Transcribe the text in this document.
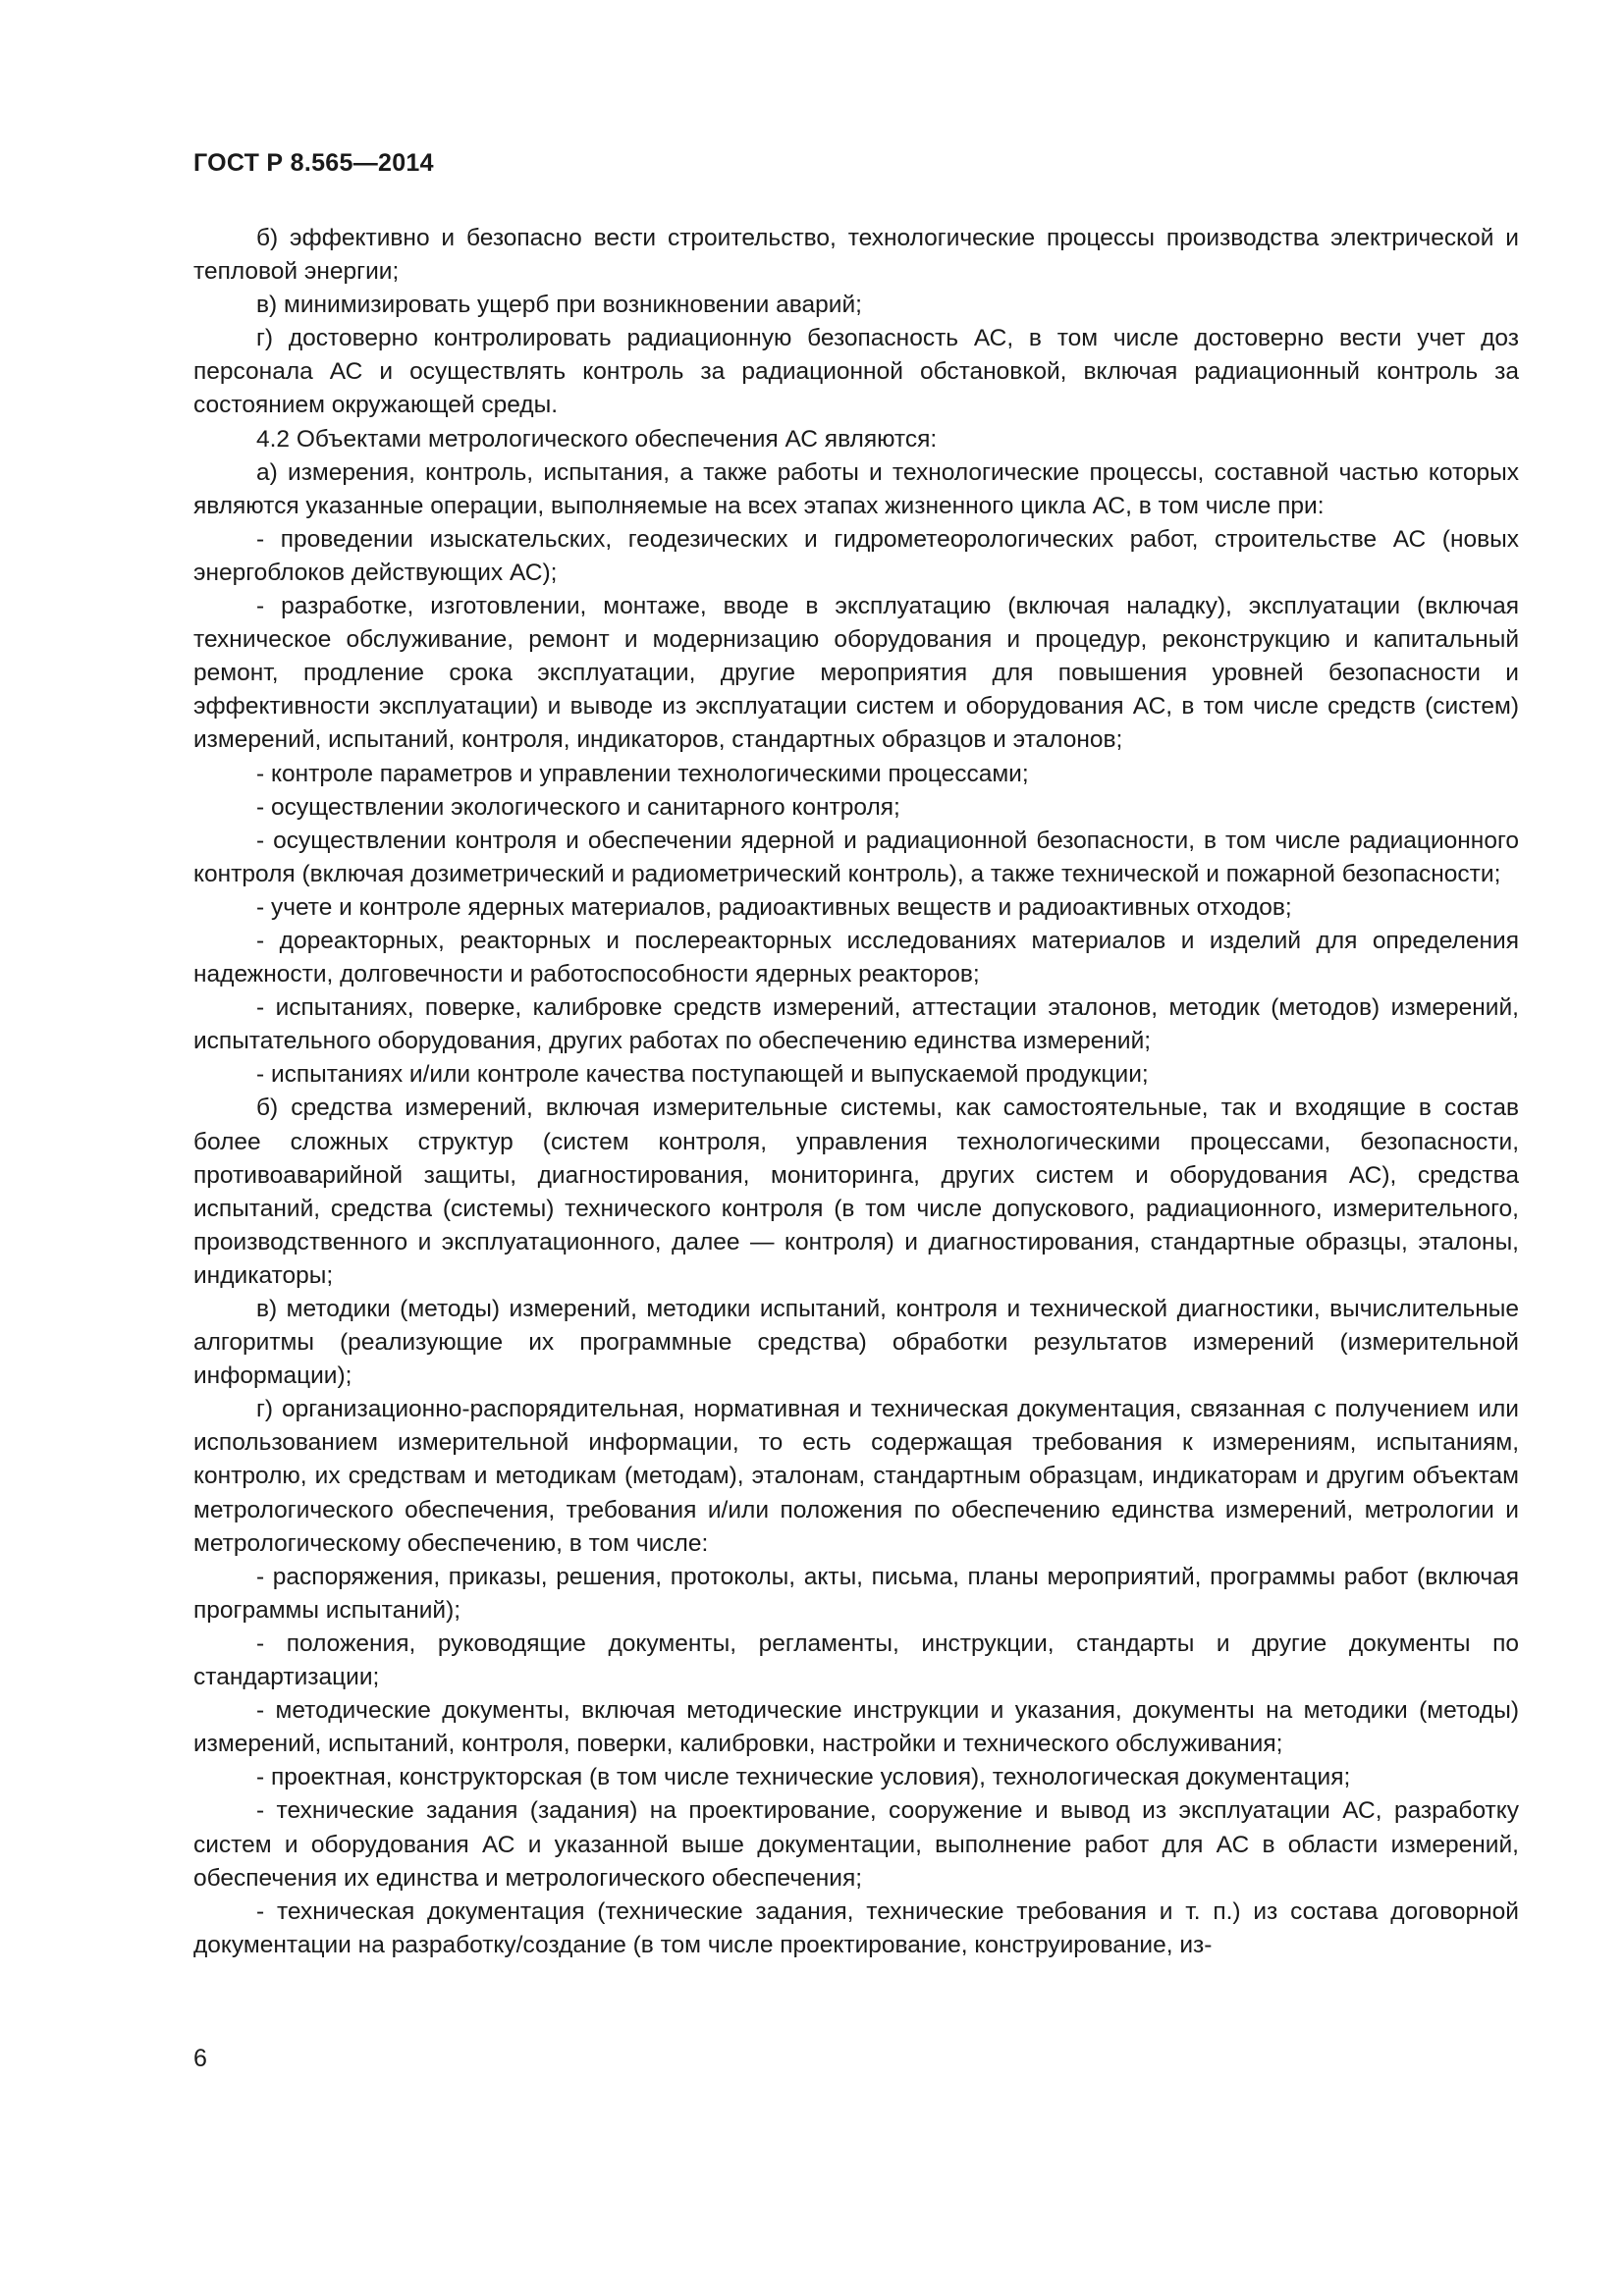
ГОСТ Р 8.565—2014

б) эффективно и безопасно вести строительство, технологические процессы производства электрической и тепловой энергии;

в) минимизировать ущерб при возникновении аварий;

г) достоверно контролировать радиационную безопасность АС, в том числе достоверно вести учет доз персонала АС и осуществлять контроль за радиационной обстановкой, включая радиационный контроль за состоянием окружающей среды.

4.2 Объектами метрологического обеспечения АС являются:

а) измерения, контроль, испытания, а также работы и технологические процессы, составной частью которых являются указанные операции, выполняемые на всех этапах жизненного цикла АС, в том числе при:

- проведении изыскательских, геодезических и гидрометеорологических работ, строительстве АС (новых энергоблоков действующих АС);

- разработке, изготовлении, монтаже, вводе в эксплуатацию (включая наладку), эксплуатации (включая техническое обслуживание, ремонт и модернизацию оборудования и процедур, реконструкцию и капитальный ремонт, продление срока эксплуатации, другие мероприятия для повышения уровней безопасности и эффективности эксплуатации) и выводе из эксплуатации систем и оборудования АС, в том числе средств (систем) измерений, испытаний, контроля, индикаторов, стандартных образцов и эталонов;

- контроле параметров и управлении технологическими процессами;

- осуществлении экологического и санитарного контроля;

- осуществлении контроля и обеспечении ядерной и радиационной безопасности, в том числе радиационного контроля (включая дозиметрический и радиометрический контроль), а также технической и пожарной безопасности;

- учете и контроле ядерных материалов, радиоактивных веществ и радиоактивных отходов;

- дореакторных, реакторных и послереакторных исследованиях материалов и изделий для определения надежности, долговечности и работоспособности ядерных реакторов;

- испытаниях, поверке, калибровке средств измерений, аттестации эталонов, методик (методов) измерений, испытательного оборудования, других работах по обеспечению единства измерений;

- испытаниях и/или контроле качества поступающей и выпускаемой продукции;

б) средства измерений, включая измерительные системы, как самостоятельные, так и входящие в состав более сложных структур (систем контроля, управления технологическими процессами, безопасности, противоаварийной защиты, диагностирования, мониторинга, других систем и оборудования АС), средства испытаний, средства (системы) технического контроля (в том числе допускового, радиационного, измерительного, производственного и эксплуатационного, далее — контроля) и диагностирования, стандартные образцы, эталоны, индикаторы;

в) методики (методы) измерений, методики испытаний, контроля и технической диагностики, вычислительные алгоритмы (реализующие их программные средства) обработки результатов измерений (измерительной информации);

г) организационно-распорядительная, нормативная и техническая документация, связанная с получением или использованием измерительной информации, то есть содержащая требования к измерениям, испытаниям, контролю, их средствам и методикам (методам), эталонам, стандартным образцам, индикаторам и другим объектам метрологического обеспечения, требования и/или положения по обеспечению единства измерений, метрологии и метрологическому обеспечению, в том числе:

- распоряжения, приказы, решения, протоколы, акты, письма, планы мероприятий, программы работ (включая программы испытаний);

- положения, руководящие документы, регламенты, инструкции, стандарты и другие документы по стандартизации;

- методические документы, включая методические инструкции и указания, документы на методики (методы) измерений, испытаний, контроля, поверки, калибровки, настройки и технического обслуживания;

- проектная, конструкторская (в том числе технические условия), технологическая документация;

- технические задания (задания) на проектирование, сооружение и вывод из эксплуатации АС, разработку систем и оборудования АС и указанной выше документации, выполнение работ для АС в области измерений, обеспечения их единства и метрологического обеспечения;

- техническая документация (технические задания, технические требования и т. п.) из состава договорной документации на разработку/создание (в том числе проектирование, конструирование, из-

6
